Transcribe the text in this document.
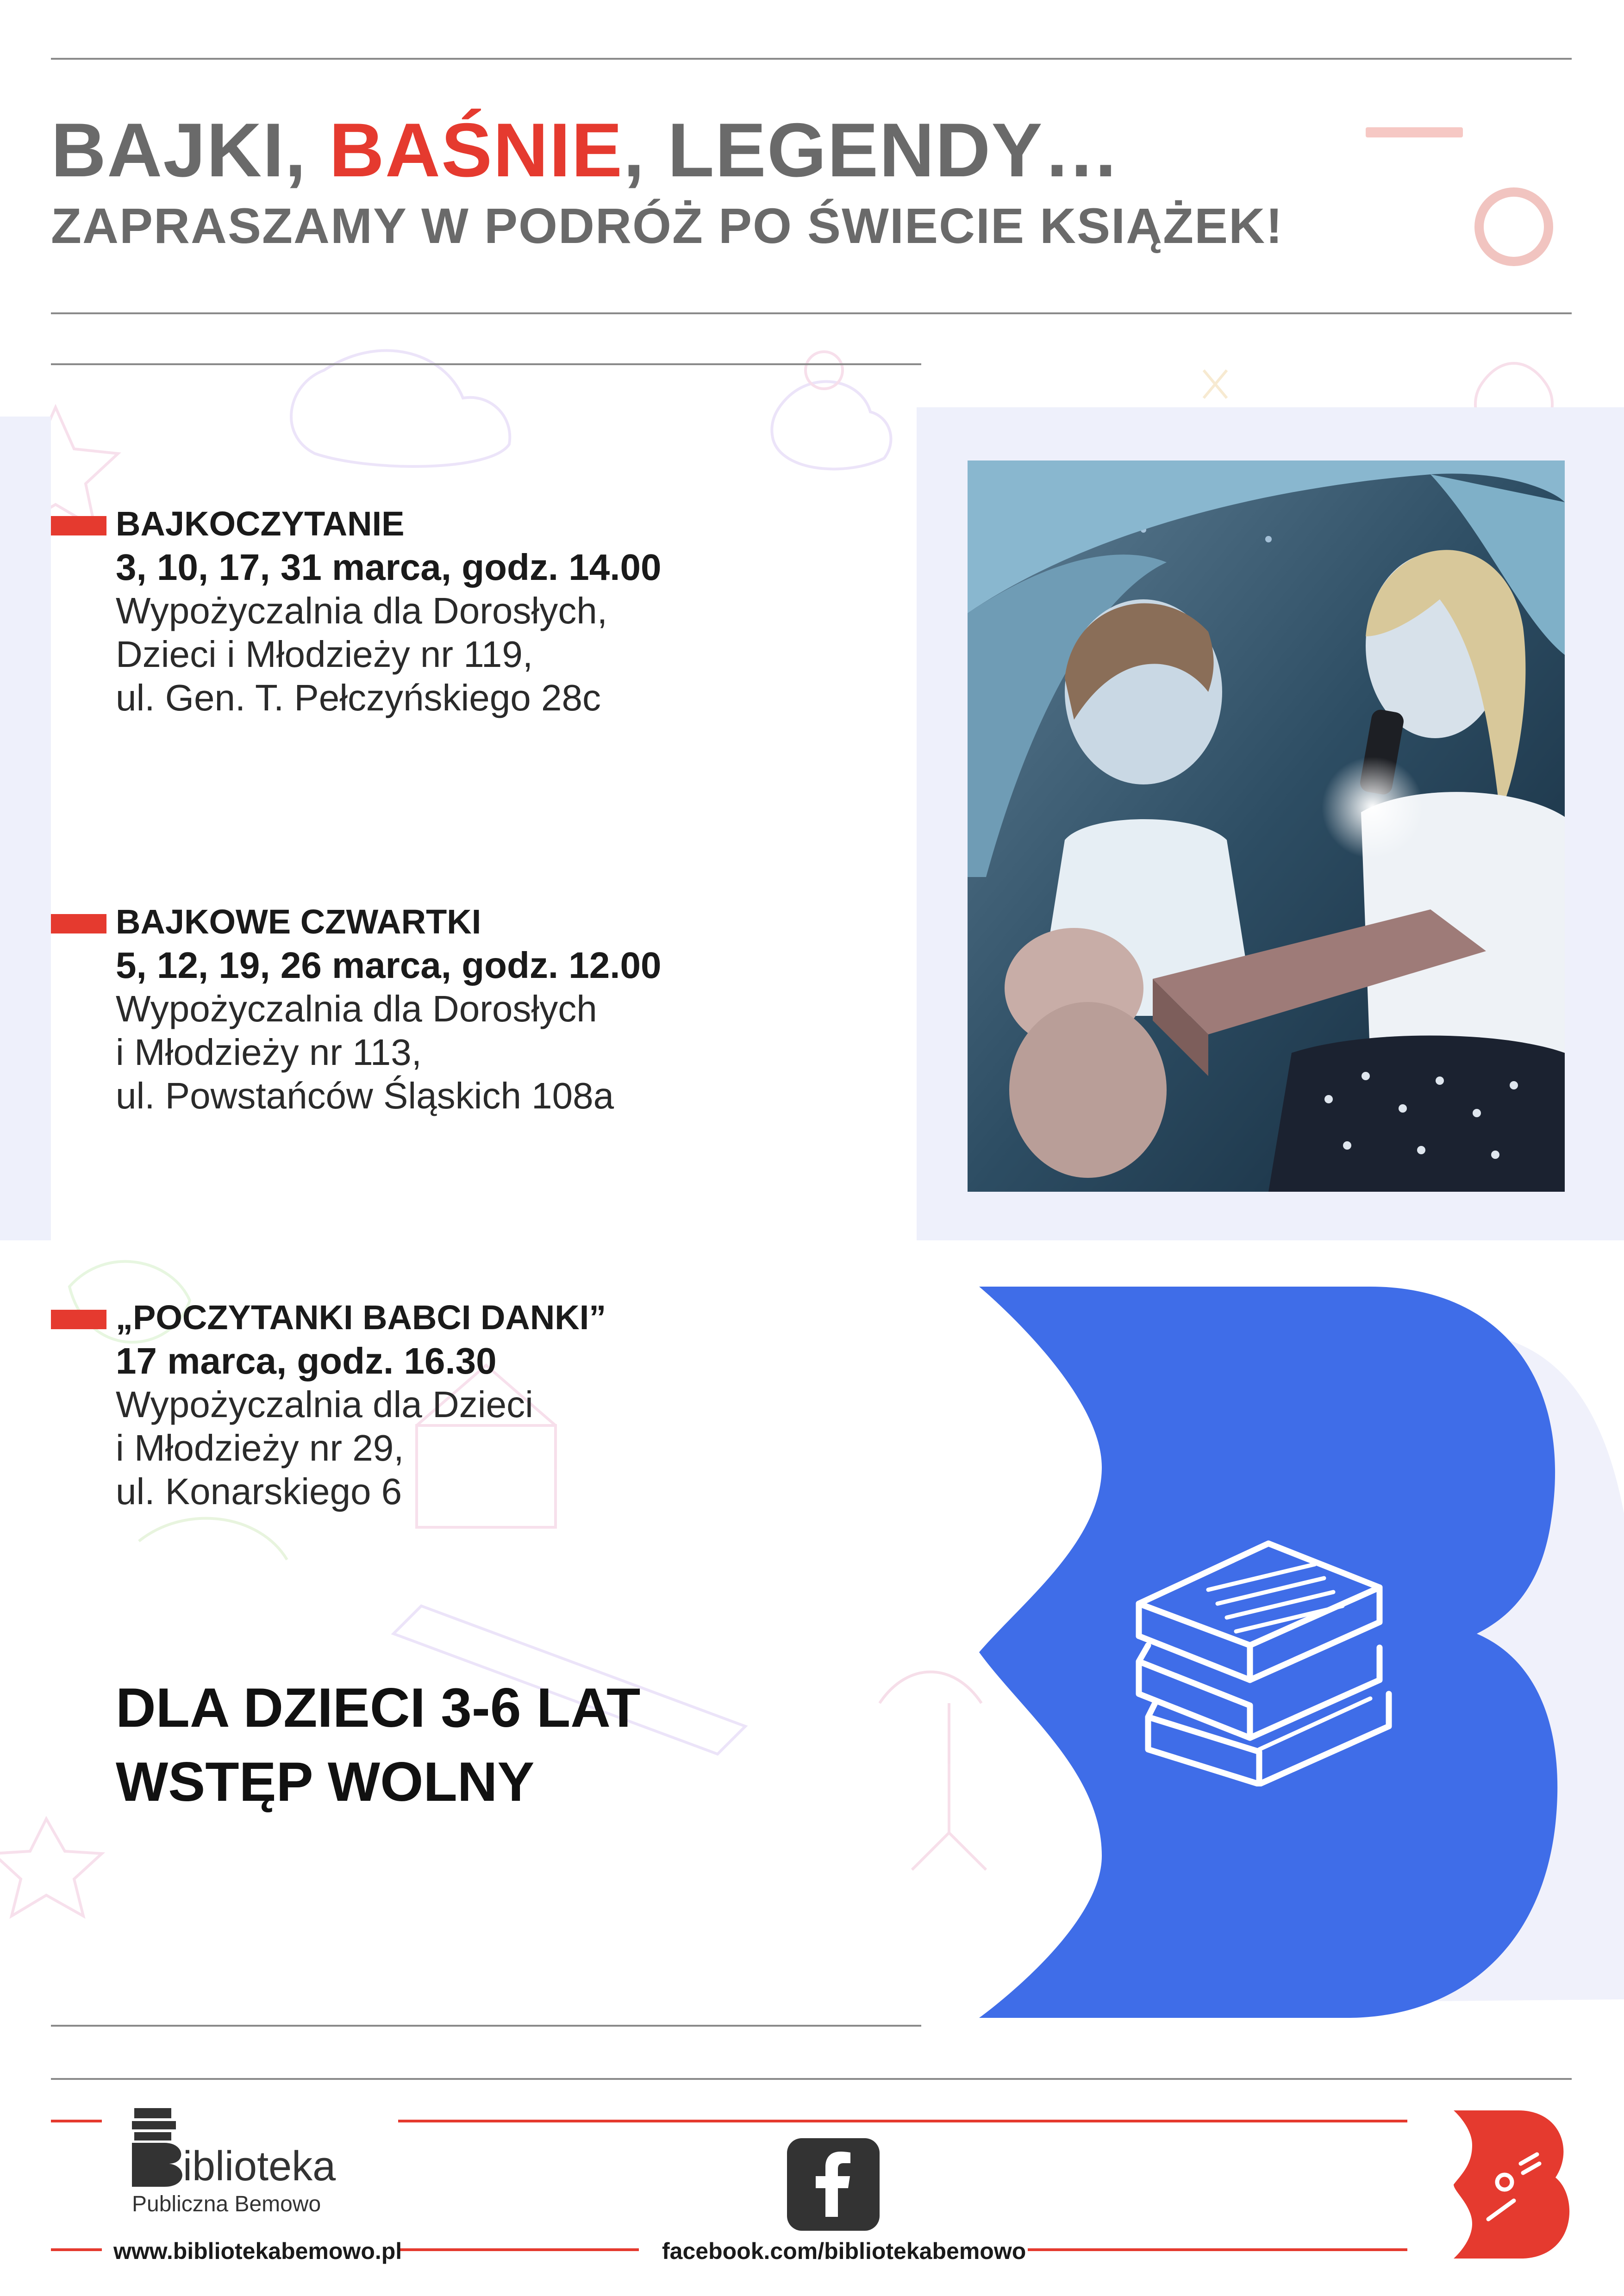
BAJKI, BAŚNIE, LEGENDY…
ZAPRASZAMY W PODRÓŻ PO ŚWIECIE KSIĄŻEK!
BAJKOCZYTANIE
3, 10, 17, 31 marca, godz. 14.00
Wypożyczalnia dla Dorosłych,
Dzieci i Młodzieży nr 119,
ul. Gen. T. Pełczyńskiego 28c
BAJKOWE CZWARTKI
5, 12, 19, 26 marca, godz. 12.00
Wypożyczalnia dla Dorosłych
i Młodzieży nr 113,
ul. Powstańców Śląskich 108a
„POCZYTANKI BABCI DANKI”
17 marca, godz. 16.30
Wypożyczalnia dla Dzieci
i Młodzieży nr 29,
ul. Konarskiego 6
DLA DZIECI 3-6 LAT
WSTĘP WOLNY
iblioteka
Publiczna Bemowo
www.bibliotekabemowo.pl	facebook.com/bibliotekabemowo
